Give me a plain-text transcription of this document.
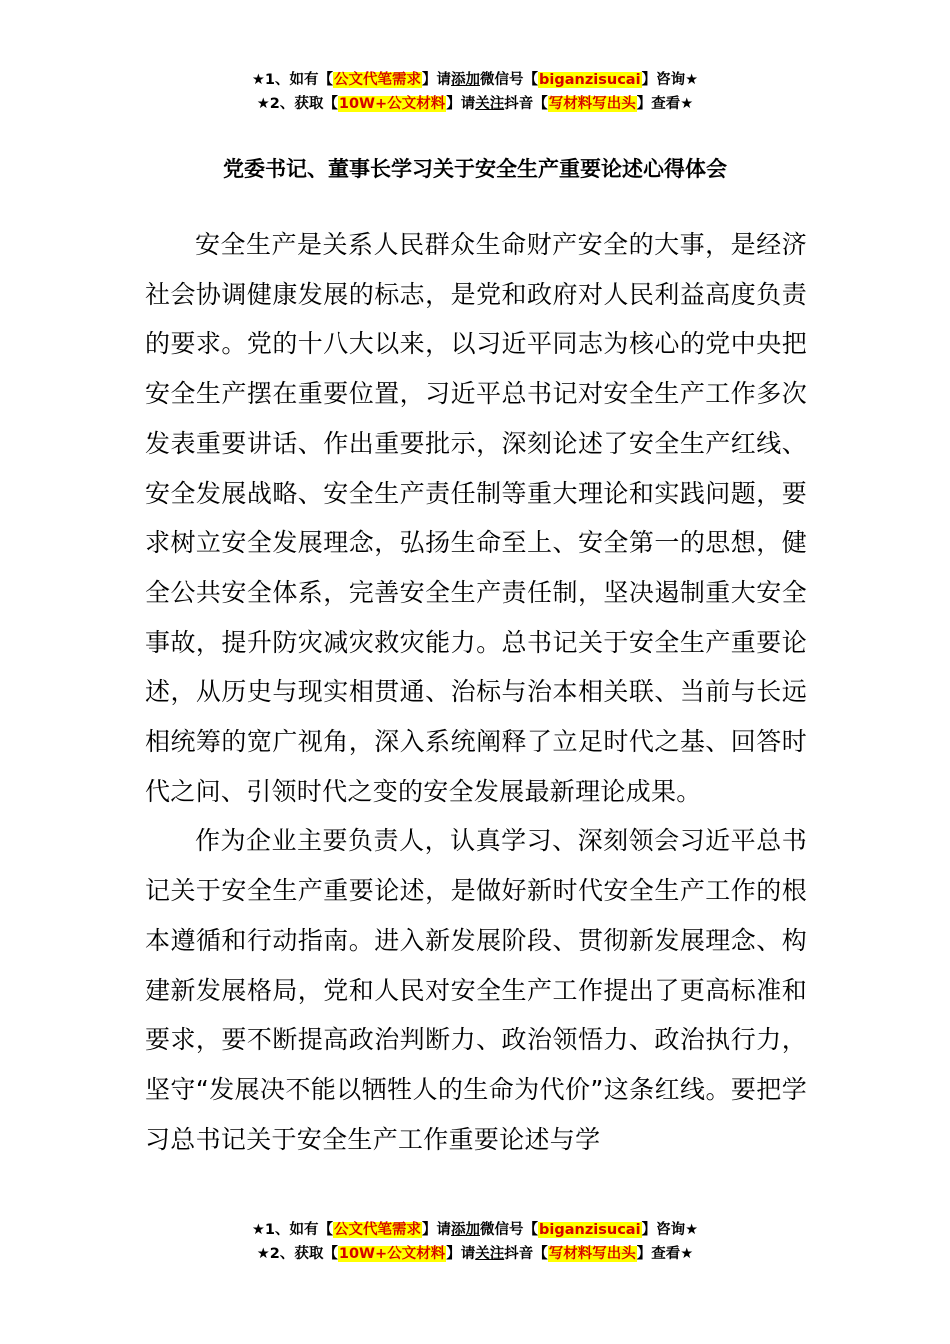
★1、如有【公文代笔需求】请添加微信号【biganzisucai】咨询★
★2、获取【10W+公文材料】请关注抖音【写材料写出头】查看★
党委书记、董事长学习关于安全生产重要论述心得体会

安全生产是关系人民群众生命财产安全的大事，是经济社会协调健康发展的标志，是党和政府对人民利益高度负责的要求。党的十八大以来，以习近平同志为核心的党中央把安全生产摆在重要位置，习近平总书记对安全生产工作多次发表重要讲话、作出重要批示，深刻论述了安全生产红线、安全发展战略、安全生产责任制等重大理论和实践问题，要求树立安全发展理念，弘扬生命至上、安全第一的思想，健全公共安全体系，完善安全生产责任制，坚决遏制重大安全事故，提升防灾减灾救灾能力。总书记关于安全生产重要论述，从历史与现实相贯通、治标与治本相关联、当前与长远相统筹的宽广视角，深入系统阐释了立足时代之基、回答时代之问、引领时代之变的安全发展最新理论成果。

作为企业主要负责人，认真学习、深刻领会习近平总书记关于安全生产重要论述，是做好新时代安全生产工作的根本遵循和行动指南。进入新发展阶段、贯彻新发展理念、构建新发展格局，党和人民对安全生产工作提出了更高标准和要求，要不断提高政治判断力、政治领悟力、政治执行力，坚守“发展决不能以牺牲人的生命为代价”这条红线。要把学习总书记关于安全生产工作重要论述与学

★1、如有【公文代笔需求】请添加微信号【biganzisucai】咨询★
★2、获取【10W+公文材料】请关注抖音【写材料写出头】查看★
